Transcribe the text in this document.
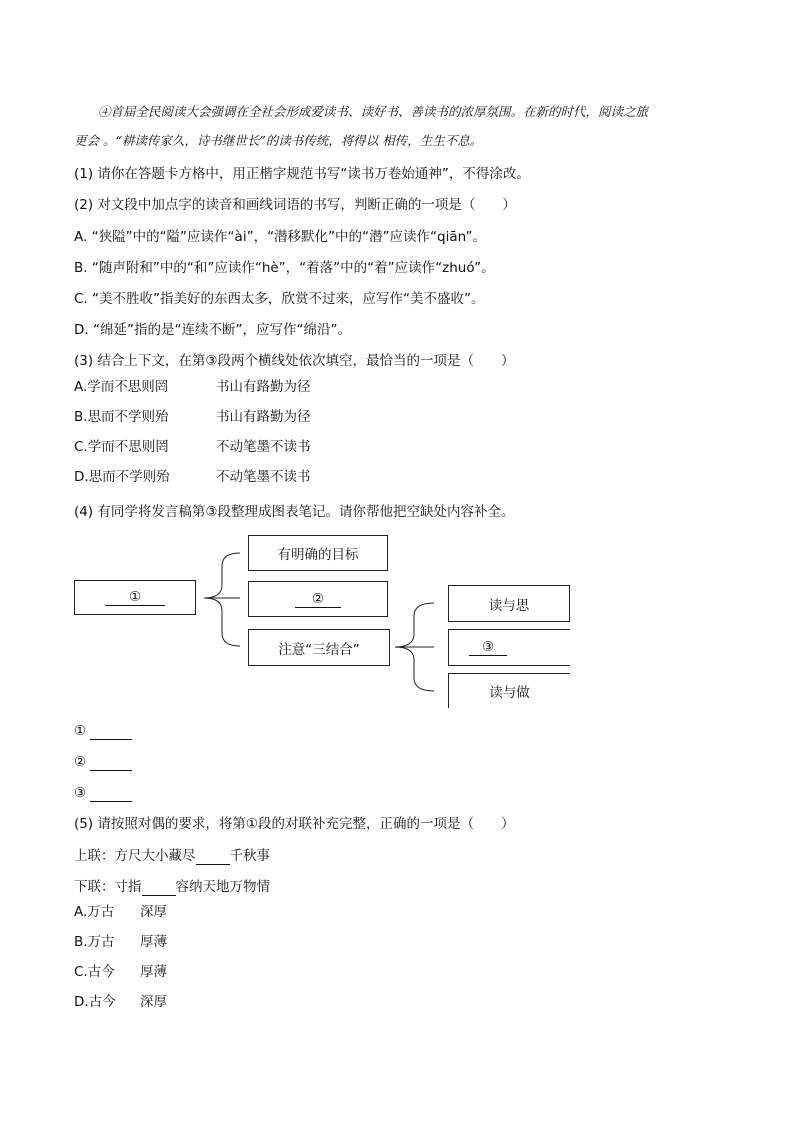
④首届全民阅读大会强调在全社会形成爱读书、读好书、善读书的浓厚氛围。在新的时代，阅读之旅
更会 。“耕读传家久，诗书继世长”的读书传统，将得以 相传，生生不息。
(1) 请你在答题卡方格中，用正楷字规范书写“读书万卷始通神”，不得涂改。
(2) 对文段中加点字的读音和画线词语的书写，判断正确的一项是（　　）
A. “狭隘”中的“隘”应读作“ài”，“潜移默化”中的“潜”应读作“qiān”。
B. “随声附和”中的“和”应读作“hè”，“着落”中的“着”应读作“zhuó”。
C. “美不胜收”指美好的东西太多，欣赏不过来，应写作“美不盛收”。
D. “绵延”指的是“连续不断”，应写作“绵沿”。
(3) 结合上下文，在第③段两个横线处依次填空，最恰当的一项是（　　）
A.学而不思则罔	书山有路勤为径
B.思而不学则殆	书山有路勤为径
C.学而不思则罔	不动笔墨不读书
D.思而不学则殆	不动笔墨不读书
(4) 有同学将发言稿第③段整理成图表笔记。请你帮他把空缺处内容补全。
①
有明确的目标
②
注意“三结合”
读与思
③
读与做
①
②
③
(5) 请按照对偶的要求，将第①段的对联补充完整，正确的一项是（　　）
上联：方尺大小藏尽	千秋事
下联：寸指	容纳天地万物情
A.万古 深厚
B.万古 厚薄
C.古今 厚薄
D.古今 深厚
